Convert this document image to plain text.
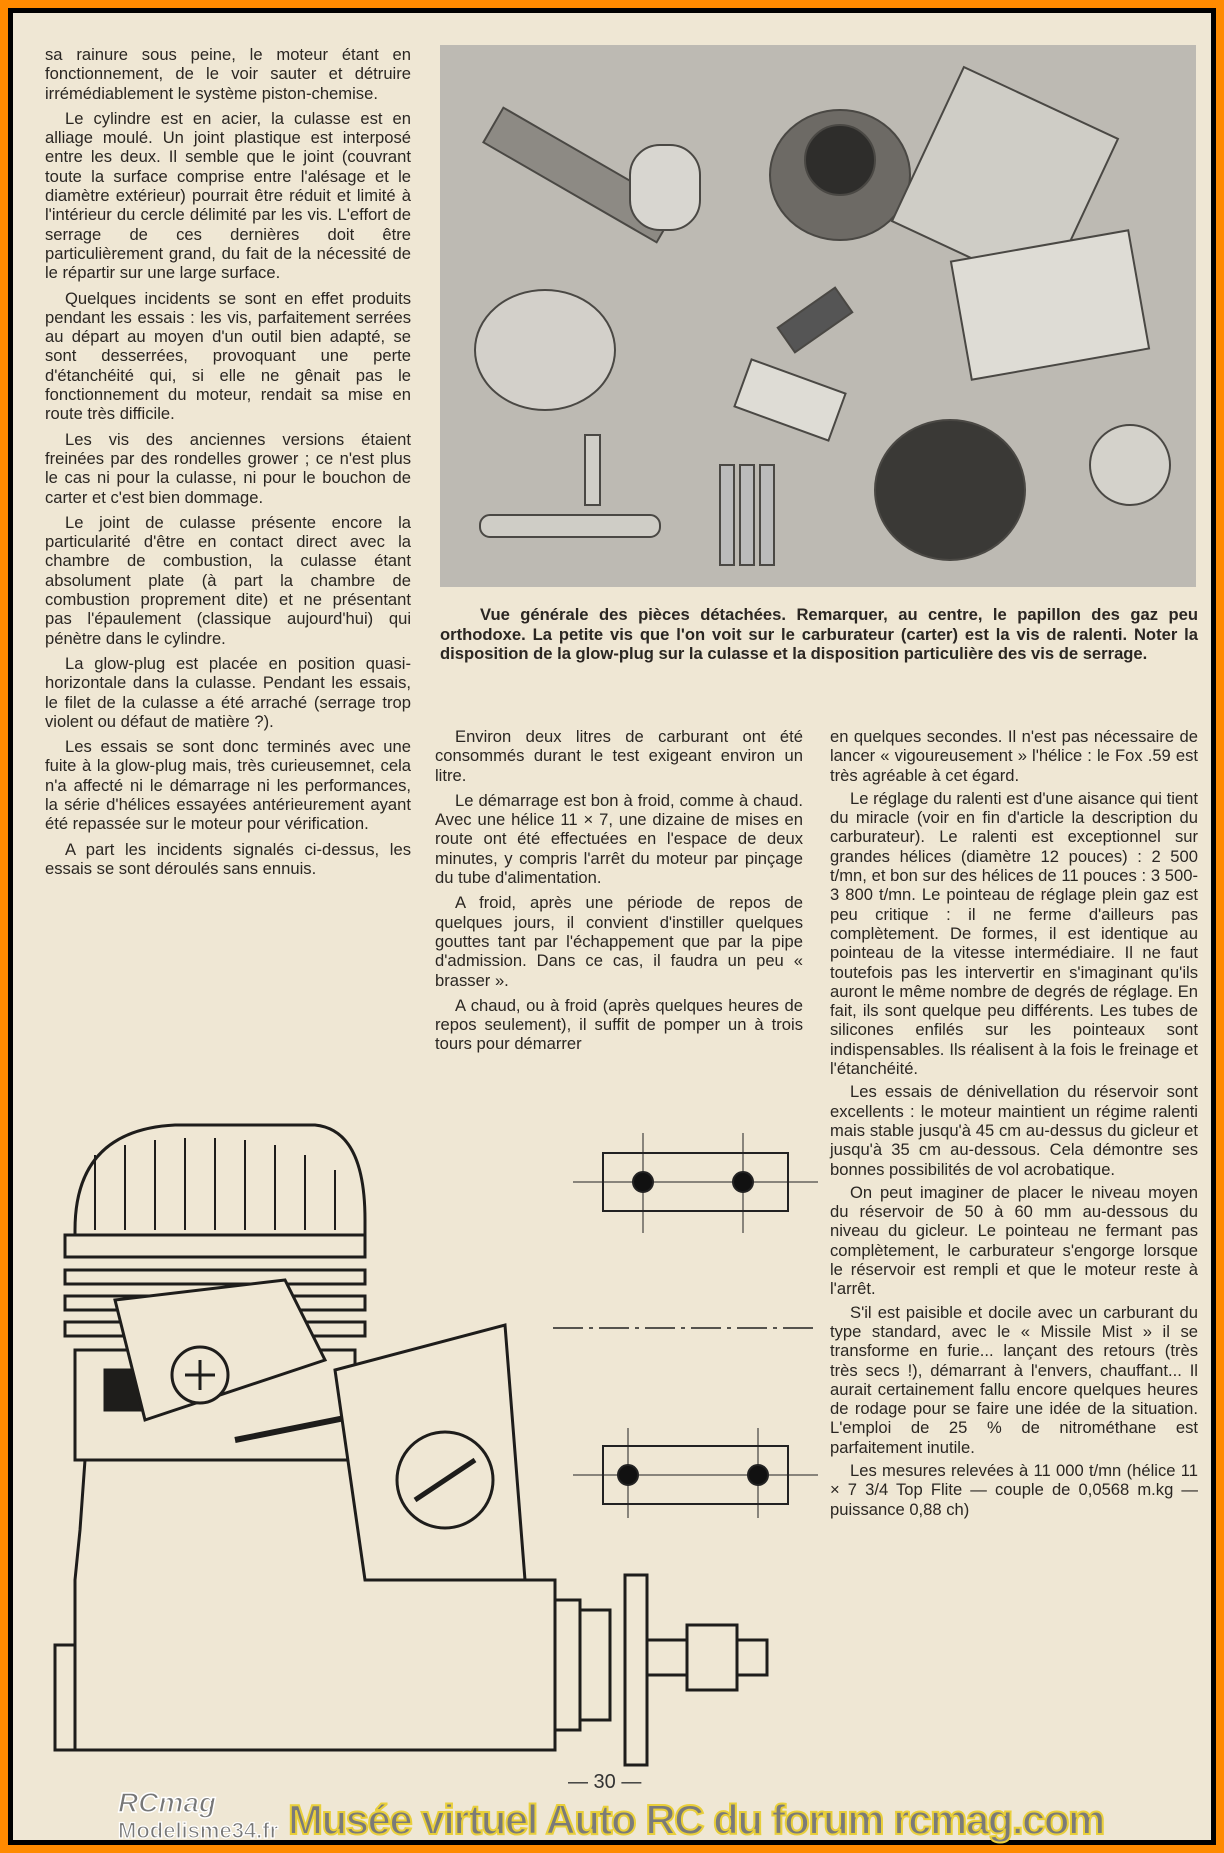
sa rainure sous peine, le moteur étant en fonctionnement, de le voir sauter et détruire irrémédiablement le système piston-chemise.

Le cylindre est en acier, la culasse est en alliage moulé. Un joint plastique est interposé entre les deux. Il semble que le joint (couvrant toute la surface comprise entre l'alésage et le diamètre extérieur) pourrait être réduit et limité à l'intérieur du cercle délimité par les vis. L'effort de serrage de ces dernières doit être particulièrement grand, du fait de la nécessité de le répartir sur une large surface.

Quelques incidents se sont en effet produits pendant les essais : les vis, parfaitement serrées au départ au moyen d'un outil bien adapté, se sont desserrées, provoquant une perte d'étanchéité qui, si elle ne gênait pas le fonctionnement du moteur, rendait sa mise en route très difficile.

Les vis des anciennes versions étaient freinées par des rondelles grower ; ce n'est plus le cas ni pour la culasse, ni pour le bouchon de carter et c'est bien dommage.

Le joint de culasse présente encore la particularité d'être en contact direct avec la chambre de combustion, la culasse étant absolument plate (à part la chambre de combustion proprement dite) et ne présentant pas l'épaulement (classique aujourd'hui) qui pénètre dans le cylindre.

La glow-plug est placée en position quasi-horizontale dans la culasse. Pendant les essais, le filet de la culasse a été arraché (serrage trop violent ou défaut de matière ?).

Les essais se sont donc terminés avec une fuite à la glow-plug mais, très curieusemnet, cela n'a affecté ni le démarrage ni les performances, la série d'hélices essayées antérieurement ayant été repassée sur le moteur pour vérification.

A part les incidents signalés ci-dessus, les essais se sont déroulés sans ennuis.

Vue générale des pièces détachées. Remarquer, au centre, le papillon des gaz peu orthodoxe. La petite vis que l'on voit sur le carburateur (carter) est la vis de ralenti. Noter la disposition de la glow-plug sur la culasse et la disposition particulière des vis de serrage.

Environ deux litres de carburant ont été consommés durant le test exigeant environ un litre.

Le démarrage est bon à froid, comme à chaud. Avec une hélice 11 × 7, une dizaine de mises en route ont été effectuées en l'espace de deux minutes, y compris l'arrêt du moteur par pinçage du tube d'alimentation.

A froid, après une période de repos de quelques jours, il convient d'instiller quelques gouttes tant par l'échappement que par la pipe d'admission. Dans ce cas, il faudra un peu « brasser ».

A chaud, ou à froid (après quelques heures de repos seulement), il suffit de pomper un à trois tours pour démarrer

en quelques secondes. Il n'est pas nécessaire de lancer « vigoureusement » l'hélice : le Fox .59 est très agréable à cet égard.

Le réglage du ralenti est d'une aisance qui tient du miracle (voir en fin d'article la description du carburateur). Le ralenti est exceptionnel sur grandes hélices (diamètre 12 pouces) : 2 500 t/mn, et bon sur des hélices de 11 pouces : 3 500-3 800 t/mn. Le pointeau de réglage plein gaz est peu critique : il ne ferme d'ailleurs pas complètement. De formes, il est identique au pointeau de la vitesse intermédiaire. Il ne faut toutefois pas les intervertir en s'imaginant qu'ils auront le même nombre de degrés de réglage. En fait, ils sont quelque peu différents. Les tubes de silicones enfilés sur les pointeaux sont indispensables. Ils réalisent à la fois le freinage et l'étanchéité.

Les essais de dénivellation du réservoir sont excellents : le moteur maintient un régime ralenti mais stable jusqu'à 45 cm au-dessus du gicleur et jusqu'à 35 cm au-dessous. Cela démontre ses bonnes possibilités de vol acrobatique.

On peut imaginer de placer le niveau moyen du réservoir de 50 à 60 mm au-dessous du niveau du gicleur. Le pointeau ne fermant pas complètement, le carburateur s'engorge lorsque le réservoir est rempli et que le moteur reste à l'arrêt.

S'il est paisible et docile avec un carburant du type standard, avec le « Missile Mist » il se transforme en furie... lançant des retours (très très secs !), démarrant à l'envers, chauffant... Il aurait certainement fallu encore quelques heures de rodage pour se faire une idée de la situation. L'emploi de 25 % de nitrométhane est parfaitement inutile.

Les mesures relevées à 11 000 t/mn (hélice 11 × 7 3/4 Top Flite — couple de 0,0568 m.kg — puissance 0,88 ch)

RCmag
Modelisme34.fr
— 30 —
Musée virtuel Auto RC du forum rcmag.com
